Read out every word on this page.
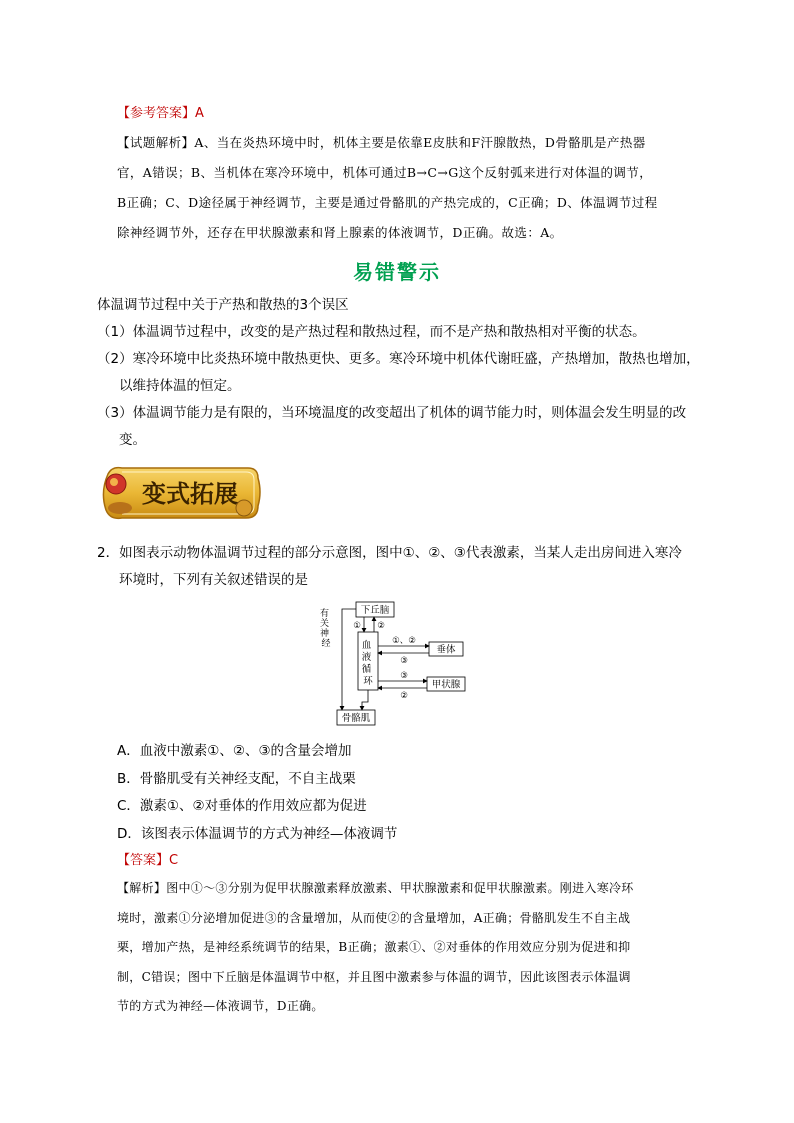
【参考答案】A
【试题解析】A、当在炎热环境中时，机体主要是依靠E皮肤和F汗腺散热，D骨骼肌是产热器
官，A错误；B、当机体在寒冷环境中，机体可通过B→C→G这个反射弧来进行对体温的调节，
B正确；C、D途径属于神经调节，主要是通过骨骼肌的产热完成的，C正确；D、体温调节过程
除神经调节外，还存在甲状腺激素和肾上腺素的体液调节，D正确。故选：A。
易错警示
体温调节过程中关于产热和散热的3个误区
（1） 体温调节过程中，改变的是产热过程和散热过程，而不是产热和散热相对平衡的状态。
（2） 寒冷环境中比炎热环境中散热更快、更多。寒冷环境中机体代谢旺盛，产热增加，散热也增加，
以维持体温的恒定。
（3） 体温调节能力是有限的，当环境温度的改变超出了机体的调节能力时，则体温会发生明显的改
变。
变式拓展
2．如图表示动物体温调节过程的部分示意图，图中①、②、③代表激素，当某人走出房间进入寒冷
环境时，下列有关叙述错误的是
下丘脑
血 液 循 环
垂体
甲状腺
骨骼肌
有 关 神 经
① ②
①、②
③
③
②
A．血液中激素①、②、③的含量会增加
B．骨骼肌受有关神经支配，不自主战栗
C．激素①、②对垂体的作用效应都为促进
D．该图表示体温调节的方式为神经—体液调节
【答案】C
【解析】图中①～③分别为促甲状腺激素释放激素、甲状腺激素和促甲状腺激素。刚进入寒冷环
境时，激素①分泌增加促进③的含量增加，从而使②的含量增加，A正确；骨骼肌发生不自主战
栗，增加产热，是神经系统调节的结果，B正确；激素①、②对垂体的作用效应分别为促进和抑
制，C错误；图中下丘脑是体温调节中枢，并且图中激素参与体温的调节，因此该图表示体温调
节的方式为神经—体液调节，D正确。
